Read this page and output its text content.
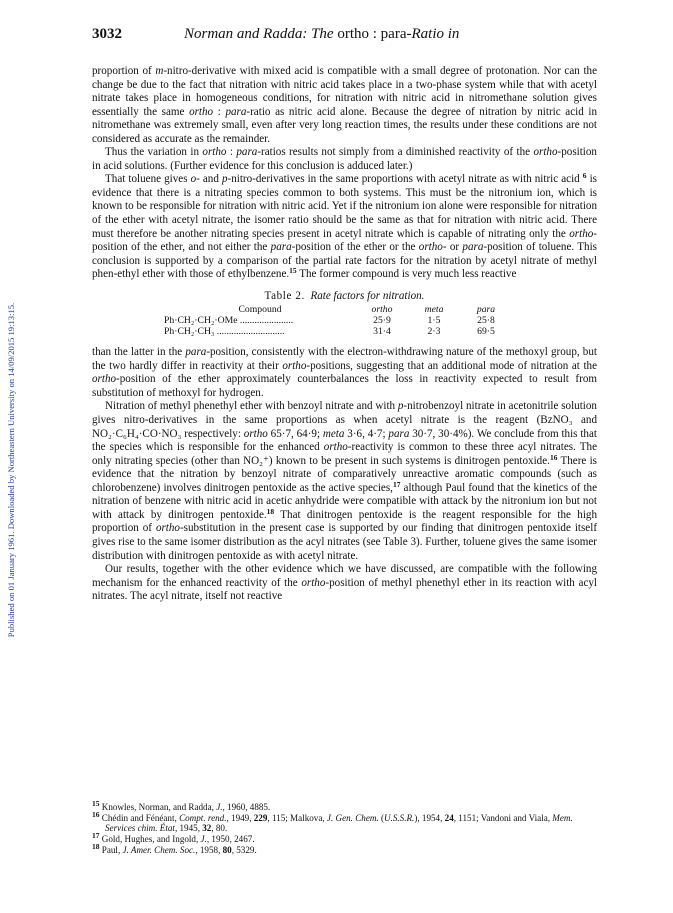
Published on 01 January 1961. Downloaded by Northeastern University on 14/09/2015 19:13:15.
3032	Norman and Radda: The ortho : para-Ratio in

proportion of m-nitro-derivative with mixed acid is compatible with a small degree of protonation. Nor can the change be due to the fact that nitration with nitric acid takes place in a two-phase system while that with acetyl nitrate takes place in homogeneous conditions, for nitration with nitric acid in nitromethane solution gives essentially the same ortho : para-ratio as nitric acid alone. Because the degree of nitration by nitric acid in nitromethane was extremely small, even after very long reaction times, the results under these conditions are not considered as accurate as the remainder.

Thus the variation in ortho : para-ratios results not simply from a diminished reactivity of the ortho-position in acid solutions. (Further evidence for this conclusion is adduced later.)

That toluene gives o- and p-nitro-derivatives in the same proportions with acetyl nitrate as with nitric acid $^6$ is evidence that there is a nitrating species common to both systems. This must be the nitronium ion, which is known to be responsible for nitration with nitric acid. Yet if the nitronium ion alone were responsible for nitration of the ether with acetyl nitrate, the isomer ratio should be the same as that for nitration with nitric acid. There must therefore be another nitrating species present in acetyl nitrate which is capable of nitrating only the ortho-position of the ether, and not either the para-position of the ether or the ortho- or para-position of toluene. This conclusion is supported by a comparison of the partial rate factors for the nitration by acetyl nitrate of methyl phen-ethyl ether with those of ethylbenzene.$^{15}$ The former compound is very much less reactive

Table 2. Rate factors for nitration.
Compound	ortho	meta	para
Ph·CH₂·CH₂·OMe ......................	25·9	1·5	25·8
Ph·CH₂·CH₃ ............................	31·4	2·3	69·5

than the latter in the para-position, consistently with the electron-withdrawing nature of the methoxyl group, but the two hardly differ in reactivity at their ortho-positions, suggesting that an additional mode of nitration at the ortho-position of the ether approximately counterbalances the loss in reactivity expected to result from substitution of methoxyl for hydrogen.

Nitration of methyl phenethyl ether with benzoyl nitrate and with p-nitrobenzoyl nitrate in acetonitrile solution gives nitro-derivatives in the same proportions as when acetyl nitrate is the reagent (BzNO₃ and NO₂·C₆H₄·CO·NO₃ respectively: ortho 65·7, 64·9; meta 3·6, 4·7; para 30·7, 30·4%). We conclude from this that the species which is responsible for the enhanced ortho-reactivity is common to these three acyl nitrates. The only nitrating species (other than NO₂⁺) known to be present in such systems is dinitrogen pentoxide.$^{16}$ There is evidence that the nitration by benzoyl nitrate of comparatively unreactive aromatic compounds (such as chlorobenzene) involves dinitrogen pentoxide as the active species,$^{17}$ although Paul found that the kinetics of the nitration of benzene with nitric acid in acetic anhydride were compatible with attack by the nitronium ion but not with attack by dinitrogen pentoxide.$^{18}$ That dinitrogen pentoxide is the reagent responsible for the high proportion of ortho-substitution in the present case is supported by our finding that dinitrogen pentoxide itself gives rise to the same isomer distribution as the acyl nitrates (see Table 3). Further, toluene gives the same isomer distribution with dinitrogen pentoxide as with acetyl nitrate.

Our results, together with the other evidence which we have discussed, are compatible with the following mechanism for the enhanced reactivity of the ortho-position of methyl phenethyl ether in its reaction with acyl nitrates. The acyl nitrate, itself not reactive

$^{15}$ Knowles, Norman, and Radda, J., 1960, 4885.

$^{16}$ Chédin and Fénéant, Compt. rend., 1949, 229, 115; Malkova, J. Gen. Chem. (U.S.S.R.), 1954, 24, 1151; Vandoni and Viala, Mem. Services chim. État, 1945, 32, 80.

$^{17}$ Gold, Hughes, and Ingold, J., 1950, 2467.

$^{18}$ Paul, J. Amer. Chem. Soc., 1958, 80, 5329.
